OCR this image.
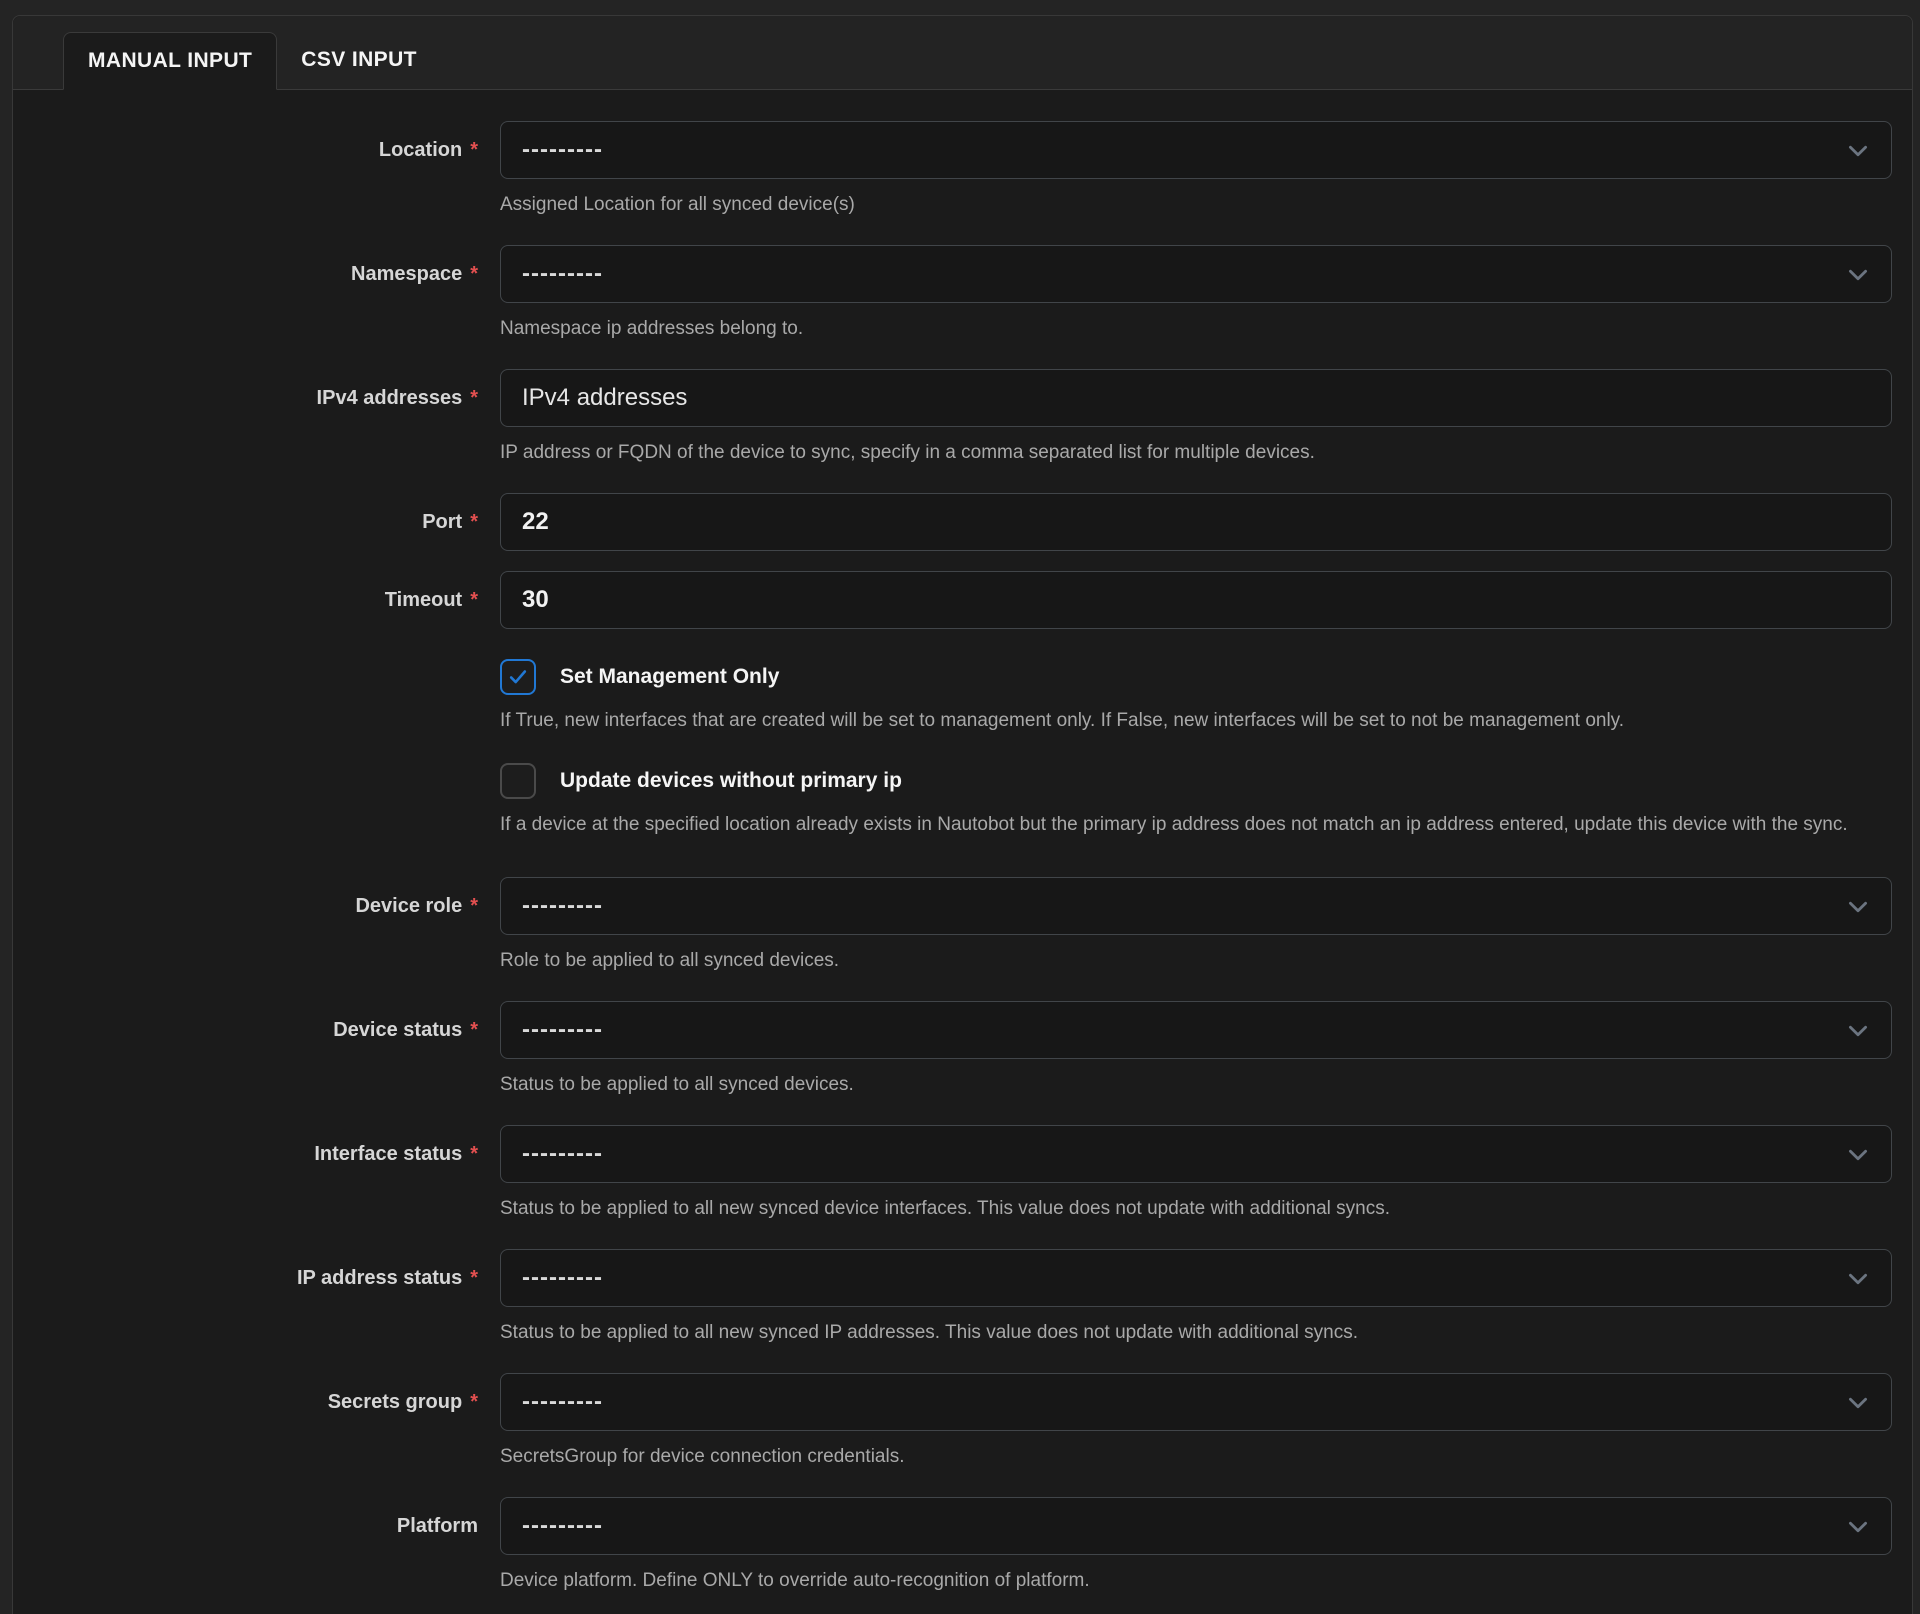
MANUAL INPUT	CSV INPUT
Location * ---------
Assigned Location for all synced device(s)
Namespace * ---------
Namespace ip addresses belong to.
IPv4 addresses *
IPv4 addresses
IP address or FQDN of the device to sync, specify in a comma separated list for multiple devices.
Port *
22
Timeout *
30
Set Management Only
If True, new interfaces that are created will be set to management only. If False, new interfaces will be set to not be management only.
Update devices without primary ip
If a device at the specified location already exists in Nautobot but the primary ip address does not match an ip address entered, update this device with the sync.
Device role * ---------
Role to be applied to all synced devices.
Device status * ---------
Status to be applied to all synced devices.
Interface status * ---------
Status to be applied to all new synced device interfaces. This value does not update with additional syncs.
IP address status * ---------
Status to be applied to all new synced IP addresses. This value does not update with additional syncs.
Secrets group * ---------
SecretsGroup for device connection credentials.
Platform ---------
Device platform. Define ONLY to override auto-recognition of platform.
